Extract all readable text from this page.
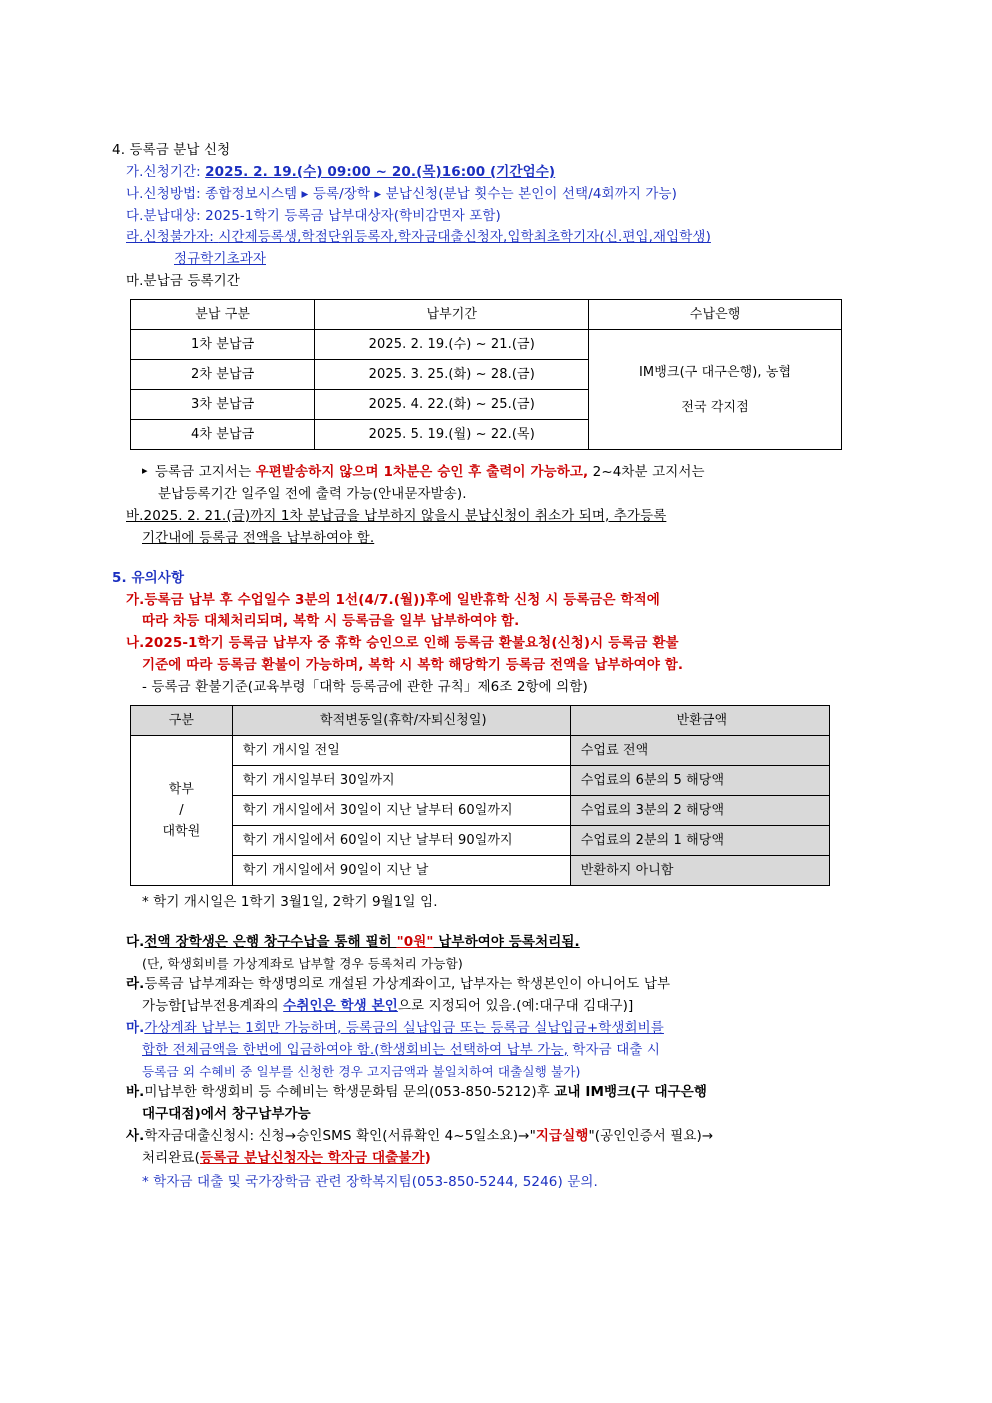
4. 등록금 분납 신청
가. 신청기간: 2025. 2. 19.(수) 09:00 ~ 20.(목)16:00 (기간엄수)
나. 신청방법: 종합정보시스템 ▸ 등록/장학 ▸ 분납신청(분납 횟수는 본인이 선택/4회까지 가능)
다. 분납대상: 2025-1학기 등록금 납부대상자(학비감면자 포함)
라. 신청불가자: 시간제등록생,학점단위등록자,학자금대출신청자,입학최초학기자(신.편입,재입학생)
정규학기초과자
마. 분납금 등록기간
분납 구분	납부기간	수납은행
1차 분납금	2025. 2. 19.(수) ~ 21.(금)	IM뱅크(구 대구은행), 농협
전국 각지점

2차 분납금	2025. 3. 25.(화) ~ 28.(금)	
3차 분납금	2025. 4. 22.(화) ~ 25.(금)	
4차 분납금	2025. 5. 19.(월) ~ 22.(목)	
▸ 등록금 고지서는 우편발송하지 않으며 1차분은 승인 후 출력이 가능하고, 2~4차분 고지서는
분납등록기간 일주일 전에 출력 가능(안내문자발송).
바. 2025. 2. 21.(금)까지 1차 분납금을 납부하지 않을시 분납신청이 취소가 되며, 추가등록
기간내에 등록금 전액을 납부하여야 함.
5. 유의사항
가. 등록금 납부 후 수업일수 3분의 1선(4/7.(월))후에 일반휴학 신청 시 등록금은 학적에
따라 차등 대체처리되며, 복학 시 등록금을 일부 납부하여야 함.
나. 2025-1학기 등록금 납부자 중 휴학 승인으로 인해 등록금 환불요청(신청)시 등록금 환불
기준에 따라 등록금 환불이 가능하며, 복학 시 복학 해당학기 등록금 전액을 납부하여야 함.
- 등록금 환불기준(교육부령「대학 등록금에 관한 규칙」제6조 2항에 의함)
구분	학적변동일(휴학/자퇴신청일)	반환금액

학부
/
대학원	학기 개시일 전일	수업료 전액
	학기 개시일부터 30일까지	수업료의 6분의 5 해당액
	학기 개시일에서 30일이 지난 날부터 60일까지	수업료의 3분의 2 해당액
	학기 개시일에서 60일이 지난 날부터 90일까지	수업료의 2분의 1 해당액
	학기 개시일에서 90일이 지난 날	반환하지 아니함
* 학기 개시일은 1학기 3월1일, 2학기 9월1일 임.
다. 전액 장학생은 은행 창구수납을 통해 필히 "0원" 납부하여야 등록처리됨.
(단, 학생회비를 가상계좌로 납부할 경우 등록처리 가능함)
라. 등록금 납부계좌는 학생명의로 개설된 가상계좌이고, 납부자는 학생본인이 아니어도 납부
가능함[납부전용계좌의 수취인은 학생 본인으로 지정되어 있음.(예:대구대 김대구)]
마. 가상계좌 납부는 1회만 가능하며, 등록금의 실납입금 또는 등록금 실납입금+학생회비를
합한 전체금액을 한번에 입금하여야 함.(학생회비는 선택하여 납부 가능, 학자금 대출 시
등록금 외 수혜비 중 일부를 신청한 경우 고지금액과 불일치하여 대출실행 불가)
바. 미납부한 학생회비 등 수혜비는 학생문화팀 문의(053-850-5212)후 교내 IM뱅크(구 대구은행
대구대점)에서 창구납부가능
사. 학자금대출신청시: 신청→승인SMS 확인(서류확인 4~5일소요)→"지급실행"(공인인증서 필요)→
처리완료(등록금 분납신청자는 학자금 대출불가)
* 학자금 대출 및 국가장학금 관련 장학복지팀(053-850-5244, 5246) 문의.
